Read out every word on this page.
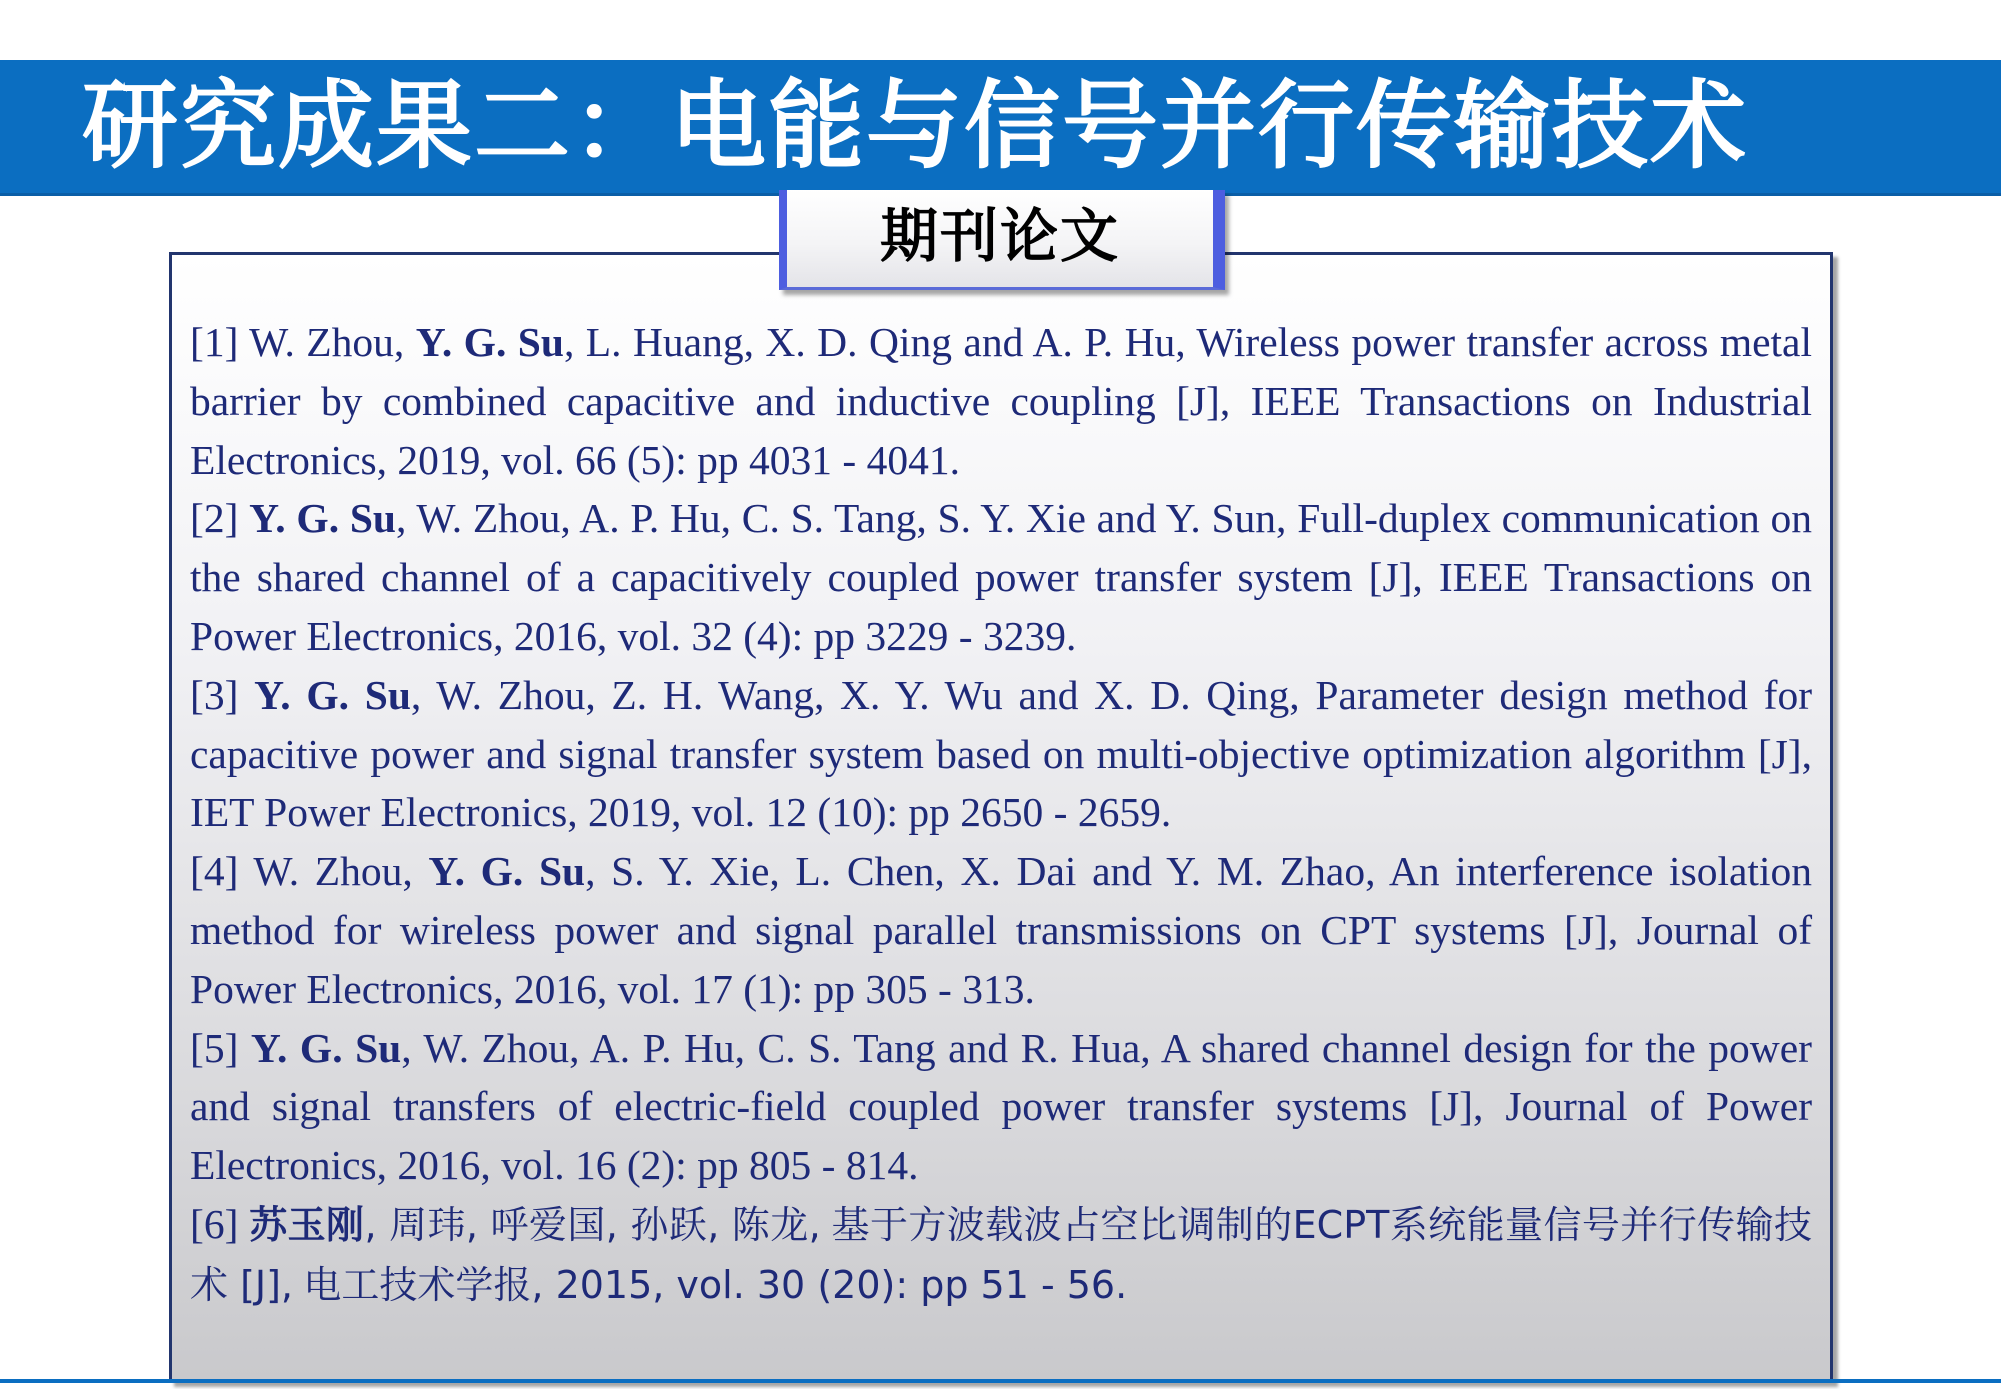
研究成果二：电能与信号并行传输技术
期刊论文

[1] W. Zhou, Y. G. Su, L. Huang, X. D. Qing and A. P. Hu, Wireless power transfer across metal barrier by combined capacitive and inductive coupling [J], IEEE Transactions on Industrial Electronics, 2019, vol. 66 (5): pp 4031 - 4041.

[2] Y. G. Su, W. Zhou, A. P. Hu, C. S. Tang, S. Y. Xie and Y. Sun, Full-duplex communication on the shared channel of a capacitively coupled power transfer system [J], IEEE Transactions on Power Electronics, 2016, vol. 32 (4): pp 3229 - 3239.

[3] Y. G. Su, W. Zhou, Z. H. Wang, X. Y. Wu and X. D. Qing, Parameter design method for capacitive power and signal transfer system based on multi-objective optimization algorithm [J], IET Power Electronics, 2019, vol. 12 (10): pp 2650 - 2659.

[4] W. Zhou, Y. G. Su, S. Y. Xie, L. Chen, X. Dai and Y. M. Zhao, An interference isolation method for wireless power and signal parallel transmissions on CPT systems [J], Journal of Power Electronics, 2016, vol. 17 (1): pp 305 - 313.

[5] Y. G. Su, W. Zhou, A. P. Hu, C. S. Tang and R. Hua, A shared channel design for the power and signal transfers of electric-field coupled power transfer systems [J], Journal of Power Electronics, 2016, vol. 16 (2): pp 805 - 814.

[6] 苏玉刚, 周玮, 呼爱国, 孙跃, 陈龙, 基于方波载波占空比调制的ECPT系统能量信号并行传输技术 [J], 电工技术学报, 2015, vol. 30 (20): pp 51 - 56.
